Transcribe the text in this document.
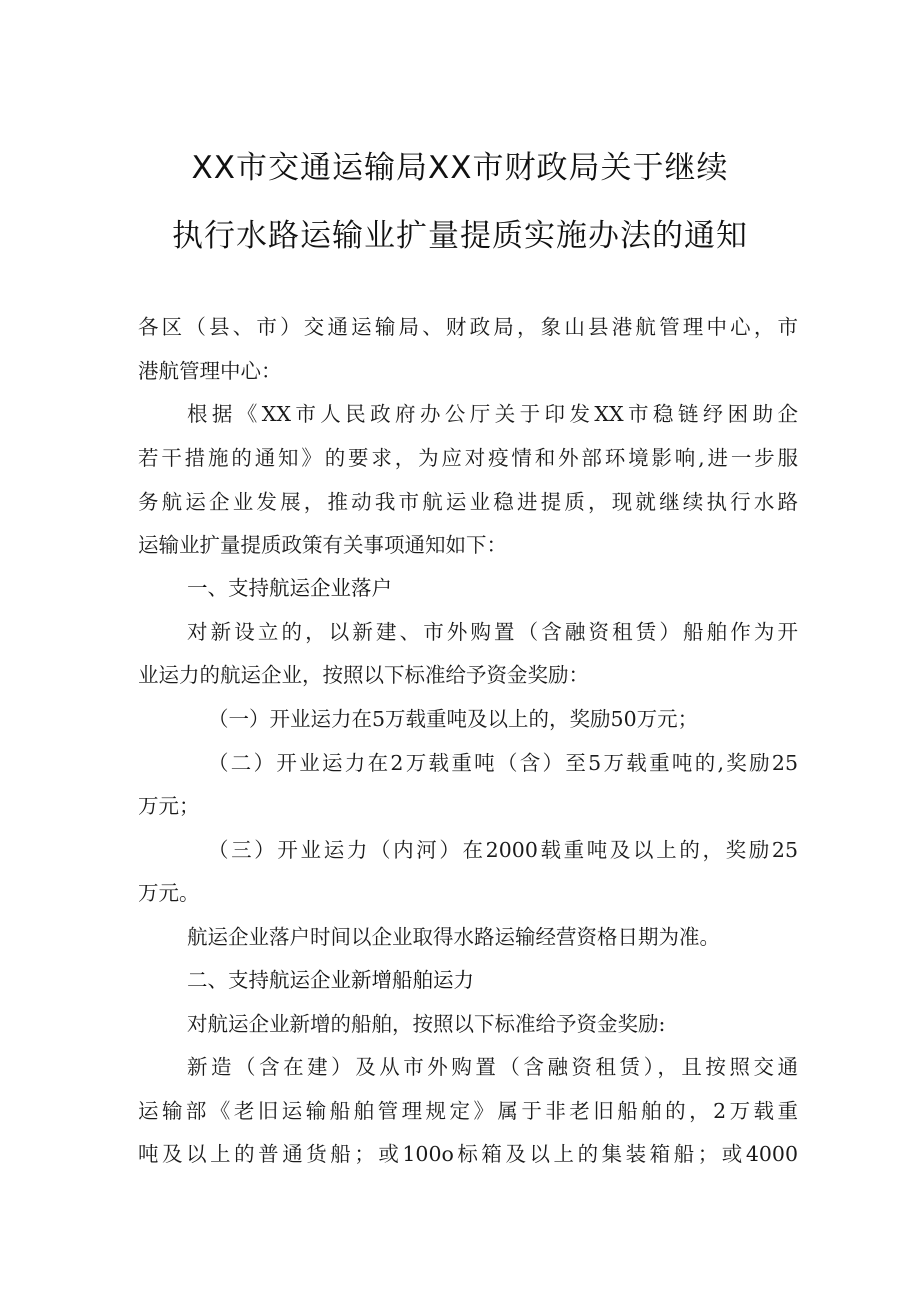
XX市交通运输局XX市财政局关于继续
执行水路运输业扩量提质实施办法的通知
各区（县、市）交通运输局、财政局，象山县港航管理中心，市
港航管理中心：
根据《XX市人民政府办公厅关于印发XX市稳链纾困助企
若干措施的通知》的要求，为应对疫情和外部环境影响,进一步服
务航运企业发展，推动我市航运业稳进提质，现就继续执行水路
运输业扩量提质政策有关事项通知如下：
一、支持航运企业落户
对新设立的，以新建、市外购置（含融资租赁）船舶作为开
业运力的航运企业，按照以下标准给予资金奖励：
（一）开业运力在5万载重吨及以上的，奖励50万元；
（二）开业运力在2万载重吨（含）至5万载重吨的,奖励25
万元；
（三）开业运力（内河）在2000载重吨及以上的，奖励25
万元。
航运企业落户时间以企业取得水路运输经营资格日期为准。
二、支持航运企业新增船舶运力
对航运企业新增的船舶，按照以下标准给予资金奖励:
新造（含在建）及从市外购置（含融资租赁），且按照交通
运输部《老旧运输船舶管理规定》属于非老旧船舶的，2万载重
吨及以上的普通货船；或100o标箱及以上的集装箱船；或4000
